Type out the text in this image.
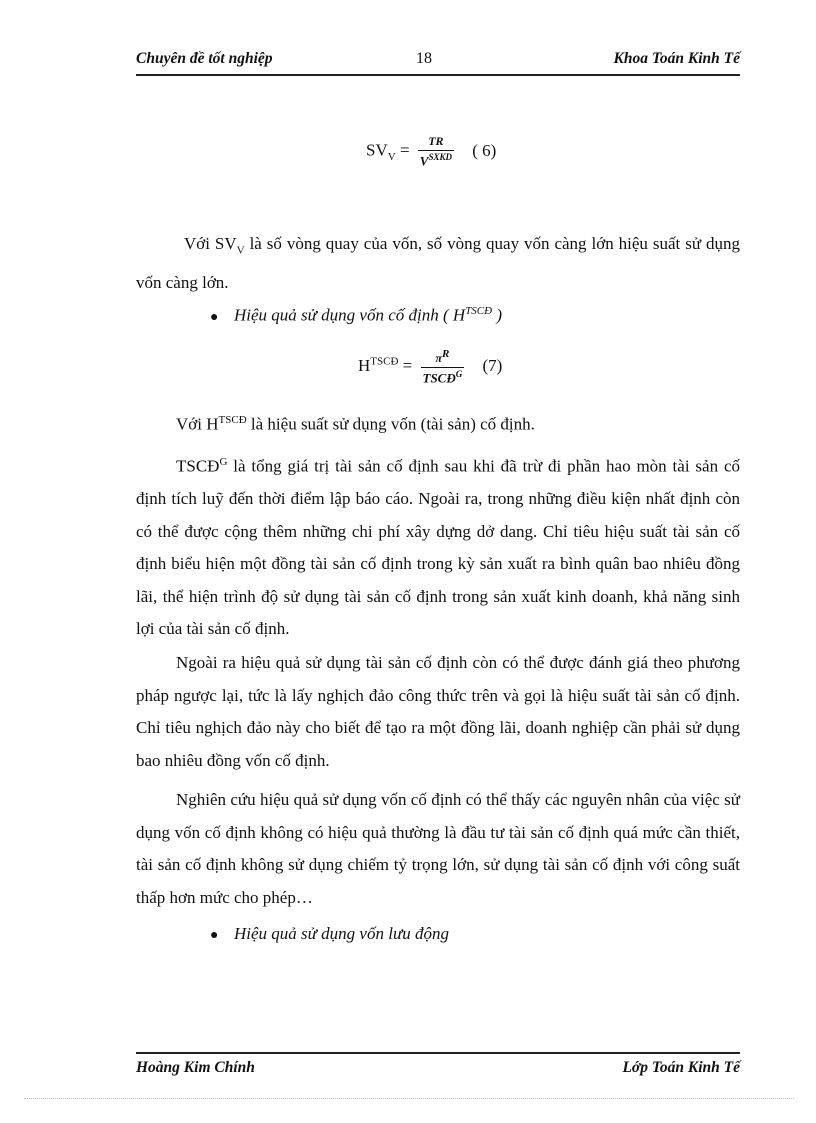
Chuyên đề tốt nghiệp	18	Khoa Toán Kinh Tế
$SV_V = \frac{TR}{V^{SXKD}}$ ( 6)
Với $SV_V$ là số vòng quay của vốn, số vòng quay vốn càng lớn hiệu suất sử dụng vốn càng lớn.
● Hiệu quả sử dụng vốn cố định ( $H^{TSCĐ}$ )
$H^{TSCĐ} = \frac{\pi^R}{TSCĐ^G} (7)$
Với $H^{TSCĐ}$ là hiệu suất sử dụng vốn (tài sản) cố định.
$TSCĐ^G$ là tổng giá trị tài sản cố định sau khi đã trừ đi phần hao mòn tài sản cố định tích luỹ đến thời điểm lập báo cáo. Ngoài ra, trong những điều kiện nhất định còn có thể được cộng thêm những chi phí xây dựng dở dang. Chỉ tiêu hiệu suất tài sản cố định biểu hiện một đồng tài sản cố định trong kỳ sản xuất ra bình quân bao nhiêu đồng lãi, thể hiện trình độ sử dụng tài sản cố định trong sản xuất kinh doanh, khả năng sinh lợi của tài sản cố định.
Ngoài ra hiệu quả sử dụng tài sản cố định còn có thể được đánh giá theo phương pháp ngược lại, tức là lấy nghịch đảo công thức trên và gọi là hiệu suất tài sản cố định. Chỉ tiêu nghịch đảo này cho biết để tạo ra một đồng lãi, doanh nghiệp cần phải sử dụng bao nhiêu đồng vốn cố định.
Nghiên cứu hiệu quả sử dụng vốn cố định có thể thấy các nguyên nhân của việc sử dụng vốn cố định không có hiệu quả thường là đầu tư tài sản cố định quá mức cần thiết, tài sản cố định không sử dụng chiếm tỷ trọng lớn, sử dụng tài sản cố định với công suất thấp hơn mức cho phép…
● Hiệu quả sử dụng vốn lưu động
Hoàng Kim Chính	Lớp Toán Kinh Tế
